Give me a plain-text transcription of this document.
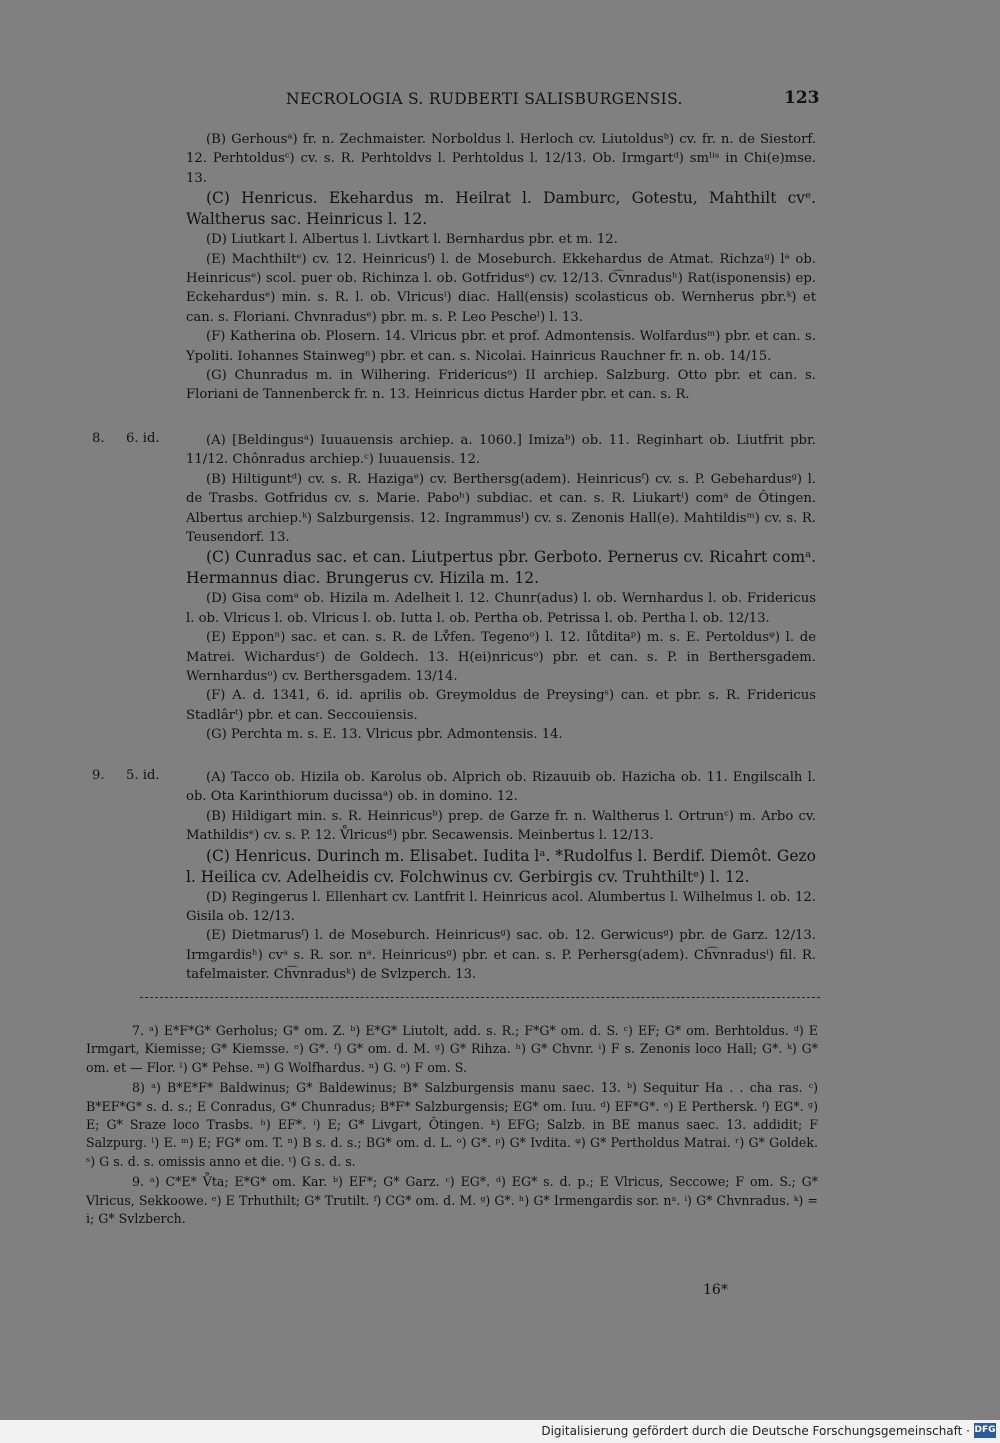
NECROLOGIA S. RUDBERTI SALISBURGENSIS.	123

(B) Gerhousᵃ) fr. n. Zechmaister. Norboldus l. Herloch cv. Liutoldusᵇ) cv. fr. n. de Siestorf. 12. Perhtoldusᶜ) cv. s. R. Perhtoldvs l. Perhtoldus l. 12/13. Ob. Irmgartᵈ) smˡⁱˢ in Chi(e)mse. 13.

(C) Henricus. Ekehardus m. Heilrat l. Damburc, Gotestu, Mahthilt cvᵉ. Waltherus sac. Heinricus l. 12.

(D) Liutkart l. Albertus l. Livtkart l. Bernhardus pbr. et m. 12.

(E) Machthiltᵉ) cv. 12. Heinricusᶠ) l. de Moseburch. Ekkehardus de Atmat. Richzaᵍ) lᵃ ob. Heinricusᵉ) scol. puer ob. Richinza l. ob. Gotfridusᵉ) cv. 12/13. C͡vnradusʰ) Rat(isponensis) ep. Eckehardusᵉ) min. s. R. l. ob. Vlricusⁱ) diac. Hall(ensis) scolasticus ob. Wernherus pbr.ᵏ) et can. s. Floriani. Chvnradusᵉ) pbr. m. s. P. Leo Pescheˡ) l. 13.

(F) Katherina ob. Plosern. 14. Vlricus pbr. et prof. Admontensis. Wolfardusᵐ) pbr. et can. s. Ypoliti. Iohannes Stainwegⁿ) pbr. et can. s. Nicolai. Hainricus Rauchner fr. n. ob. 14/15.

(G) Chunradus m. in Wilhering. Fridericusᵒ) II archiep. Salzburg. Otto pbr. et can. s. Floriani de Tannenberck fr. n. 13. Heinricus dictus Harder pbr. et can. s. R.

8. 6. id.	(A) [Beldingusᵃ) Iuuauensis archiep. a. 1060.] Imizaᵇ) ob. 11. Reginhart ob. Liutfrit pbr. 11/12. Chônradus archiep.ᶜ) Iuuauensis. 12.

(B) Hiltiguntᵈ) cv. s. R. Hazigaᵉ) cv. Berthersg(adem). Heinricusᶠ) cv. s. P. Gebehardusᵍ) l. de Trasbs. Gotfridus cv. s. Marie. Paboʰ) subdiac. et can. s. R. Liukartⁱ) comᵃ de Ôtingen. Albertus archiep.ᵏ) Salzburgensis. 12. Ingrammusˡ) cv. s. Zenonis Hall(e). Mahtildisᵐ) cv. s. R. Teusendorf. 13.

(C) Cunradus sac. et can. Liutpertus pbr. Gerboto. Pernerus cv. Ricahrt comᵃ. Hermannus diac. Brungerus cv. Hizila m. 12.

(D) Gisa comᵃ ob. Hizila m. Adelheit l. 12. Chunr(adus) l. ob. Wernhardus l. ob. Fridericus l. ob. Vlricus l. ob. Vlricus l. ob. Iutta l. ob. Pertha ob. Petrissa l. ob. Pertha l. ob. 12/13.

(E) Epponⁿ) sac. et can. s. R. de Lv̊fen. Tegenoᵒ) l. 12. Iůtditaᵖ) m. s. E. Pertoldusᵠ) l. de Matrei. Wichardusʳ) de Goldech. 13. H(ei)nricusᵒ) pbr. et can. s. P. in Berthersgadem. Wernhardusᵒ) cv. Berthersgadem. 13/14.

(F) A. d. 1341, 6. id. aprilis ob. Greymoldus de Preysingˢ) can. et pbr. s. R. Fridericus Stadlârᵗ) pbr. et can. Seccouiensis.

(G) Perchta m. s. E. 13. Vlricus pbr. Admontensis. 14.

9. 5. id.	(A) Tacco ob. Hizila ob. Karolus ob. Alprich ob. Rizauuib ob. Hazicha ob. 11. Engilscalh l. ob. Ota Karinthiorum ducissaᵃ) ob. in domino. 12.

(B) Hildigart min. s. R. Heinricusᵇ) prep. de Garze fr. n. Waltherus l. Ortrunᶜ) m. Arbo cv. Mathildisᵉ) cv. s. P. 12. V̊lricusᵈ) pbr. Secawensis. Meinbertus l. 12/13.

(C) Henricus. Durinch m. Elisabet. Iudita lᵃ. *Rudolfus l. Berdif. Diemôt. Gezo l. Heilica cv. Adelheidis cv. Folchwinus cv. Gerbirgis cv. Truhthiltᵉ) l. 12.

(D) Regingerus l. Ellenhart cv. Lantfrit l. Heinricus acol. Alumbertus l. Wilhelmus l. ob. 12. Gisila ob. 12/13.

(E) Dietmarusᶠ) l. de Moseburch. Heinricusᵍ) sac. ob. 12. Gerwicusᵍ) pbr. de Garz. 12/13. Irmgardisʰ) cvᵃ s. R. sor. nᵃ. Heinricusᵍ) pbr. et can. s. P. Perhersg(adem). Ch͡vnradusⁱ) fil. R. tafelmaister. Ch͡vnradusᵏ) de Svlzperch. 13.

7. ᵃ) E*F*G* Gerholus; G* om. Z. ᵇ) E*G* Liutolt, add. s. R.; F*G* om. d. S. ᶜ) EF; G* om. Berhtoldus. ᵈ) E Irmgart, Kiemisse; G* Kiemsse. ᵉ) G*. ᶠ) G* om. d. M. ᵍ) G* Rihza. ʰ) G* Chvnr. ⁱ) F s. Zenonis loco Hall; G*. ᵏ) G* om. et — Flor. ˡ) G* Pehse. ᵐ) G Wolfhardus. ⁿ) G. ᵒ) F om. S.

8) ᵃ) B*E*F* Baldwinus; G* Baldewinus; B* Salzburgensis manu saec. 13. ᵇ) Sequitur Ha . . cha ras. ᶜ) B*EF*G* s. d. s.; E Conradus, G* Chunradus; B*F* Salzburgensis; EG* om. Iuu. ᵈ) EF*G*. ᵉ) E Perthersk. ᶠ) EG*. ᵍ) E; G* Sraze loco Trasbs. ʰ) EF*. ⁱ) E; G* Livgart, Ôtingen. ᵏ) EFG; Salzb. in BE manus saec. 13. addidit; F Salzpurg. ˡ) E. ᵐ) E; FG* om. T. ⁿ) B s. d. s.; BG* om. d. L. ᵒ) G*. ᵖ) G* Ivdita. ᵠ) G* Pertholdus Matrai. ʳ) G* Goldek. ˢ) G s. d. s. omissis anno et die. ᵗ) G s. d. s.

9. ᵃ) C*E* V̊ta; E*G* om. Kar. ᵇ) EF*; G* Garz. ᶜ) EG*. ᵈ) EG* s. d. p.; E Vlricus, Seccowe; F om. S.; G* Vlricus, Sekkoowe. ᵉ) E Trhuthilt; G* Trutilt. ᶠ) CG* om. d. M. ᵍ) G*. ʰ) G* Irmengardis sor. nᵃ. ⁱ) G* Chvnradus. ᵏ) = i; G* Svlzberch.

16*
Digitalisierung gefördert durch die Deutsche Forschungsgemeinschaft · DFG
